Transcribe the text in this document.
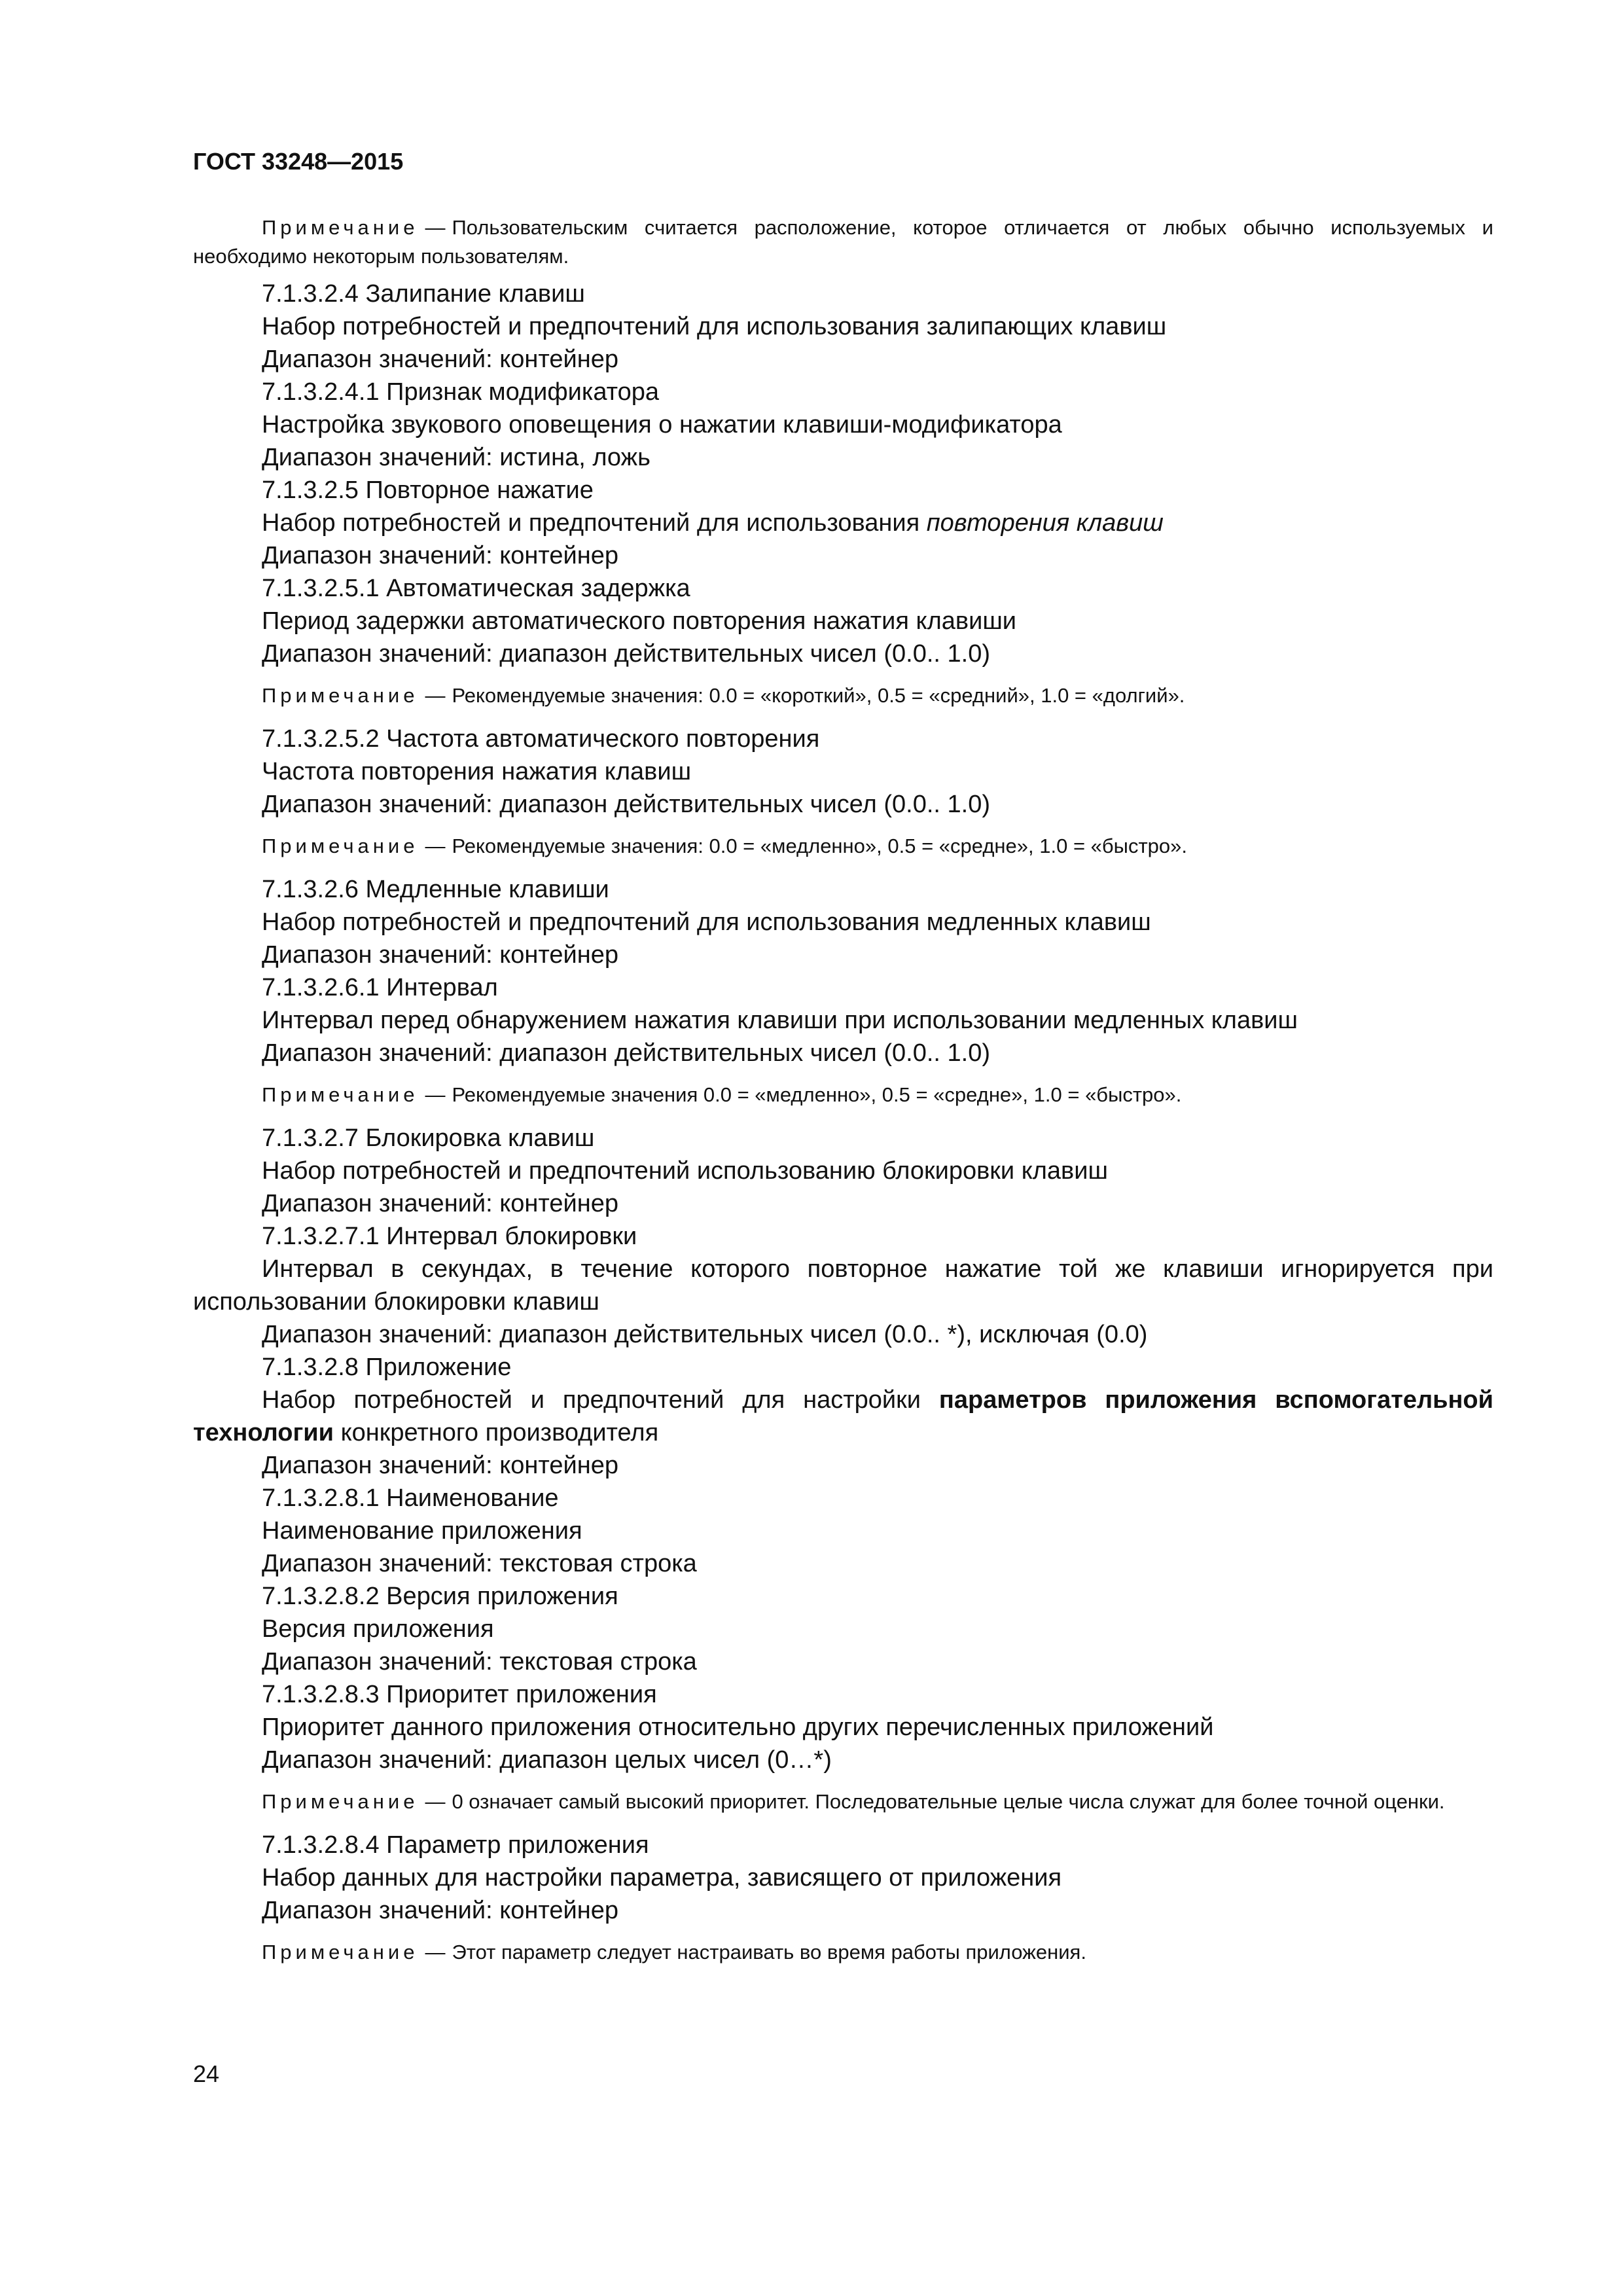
ГОСТ 33248—2015

Примечание — Пользовательским считается расположение, которое отличается от любых обычно используемых и необходимо некоторым пользователям.

7.1.3.2.4 Залипание клавиш

Набор потребностей и предпочтений для использования залипающих клавиш

Диапазон значений: контейнер

7.1.3.2.4.1 Признак модификатора

Настройка звукового оповещения о нажатии клавиши-модификатора

Диапазон значений: истина, ложь

7.1.3.2.5 Повторное нажатие

Набор потребностей и предпочтений для использования повторения клавиш

Диапазон значений: контейнер

7.1.3.2.5.1 Автоматическая задержка

Период задержки автоматического повторения нажатия клавиши

Диапазон значений: диапазон действительных чисел (0.0.. 1.0)

Примечание — Рекомендуемые значения: 0.0 = «короткий», 0.5 = «средний», 1.0 = «долгий».

7.1.3.2.5.2 Частота автоматического повторения

Частота повторения нажатия клавиш

Диапазон значений: диапазон действительных чисел (0.0.. 1.0)

Примечание — Рекомендуемые значения: 0.0 = «медленно», 0.5 = «средне», 1.0 = «быстро».

7.1.3.2.6 Медленные клавиши

Набор потребностей и предпочтений для использования медленных клавиш

Диапазон значений: контейнер

7.1.3.2.6.1 Интервал

Интервал перед обнаружением нажатия клавиши при использовании медленных клавиш

Диапазон значений: диапазон действительных чисел (0.0.. 1.0)

Примечание — Рекомендуемые значения 0.0 = «медленно», 0.5 = «средне», 1.0 = «быстро».

7.1.3.2.7 Блокировка клавиш

Набор потребностей и предпочтений использованию блокировки клавиш

Диапазон значений: контейнер

7.1.3.2.7.1 Интервал блокировки

Интервал в секундах, в течение которого повторное нажатие той же клавиши игнорируется при использовании блокировки клавиш

Диапазон значений: диапазон действительных чисел (0.0.. *), исключая (0.0)

7.1.3.2.8 Приложение

Набор потребностей и предпочтений для настройки параметров приложения вспомогательной технологии конкретного производителя

Диапазон значений: контейнер

7.1.3.2.8.1 Наименование

Наименование приложения

Диапазон значений: текстовая строка

7.1.3.2.8.2 Версия приложения

Версия приложения

Диапазон значений: текстовая строка

7.1.3.2.8.3 Приоритет приложения

Приоритет данного приложения относительно других перечисленных приложений

Диапазон значений: диапазон целых чисел (0…*)

Примечание — 0 означает самый высокий приоритет. Последовательные целые числа служат для более точной оценки.

7.1.3.2.8.4 Параметр приложения

Набор данных для настройки параметра, зависящего от приложения

Диапазон значений: контейнер

Примечание — Этот параметр следует настраивать во время работы приложения.

24
